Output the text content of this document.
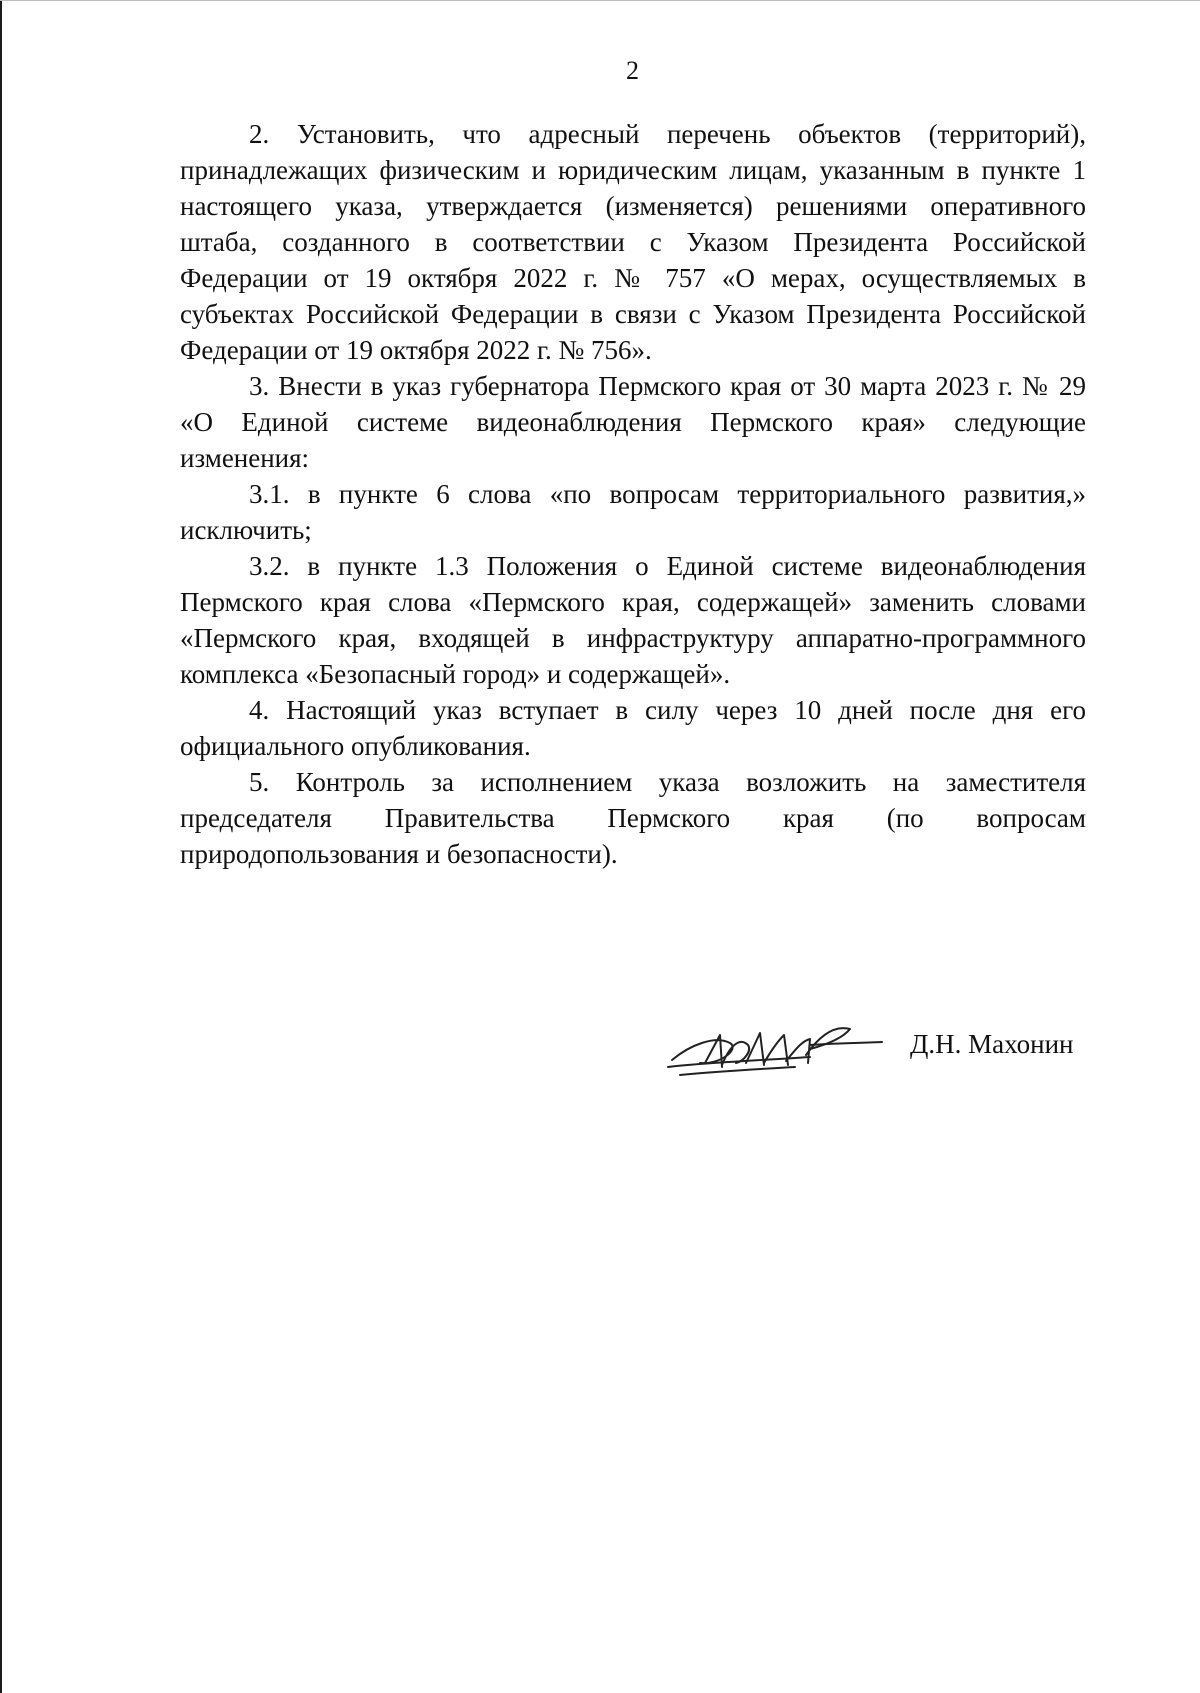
2

2. Установить, что адресный перечень объектов (территорий), принадлежащих физическим и юридическим лицам, указанным в пункте 1 настоящего указа, утверждается (изменяется) решениями оперативного штаба, созданного в соответствии с Указом Президента Российской Федерации от 19 октября 2022 г. № 757 «О мерах, осуществляемых в субъектах Российской Федерации в связи с Указом Президента Российской Федерации от 19 октября 2022 г. № 756».

3. Внести в указ губернатора Пермского края от 30 марта 2023 г. № 29 «О Единой системе видеонаблюдения Пермского края» следующие изменения:

3.1. в пункте 6 слова «по вопросам территориального развития,» исключить;

3.2. в пункте 1.3 Положения о Единой системе видеонаблюдения Пермского края слова «Пермского края, содержащей» заменить словами «Пермского края, входящей в инфраструктуру аппаратно-программного комплекса «Безопасный город» и содержащей».

4. Настоящий указ вступает в силу через 10 дней после дня его официального опубликования.

5. Контроль за исполнением указа возложить на заместителя председателя Правительства Пермского края (по вопросам природопользования и безопасности).

Д.Н. Махонин
